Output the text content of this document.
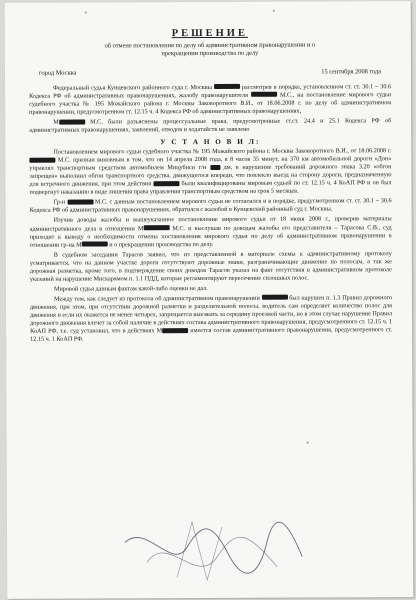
РЕШЕНИЕ
об отмене постановления по делу об административном правонарушении и о
прекращении производства по делу
город Москва	15 сентября 2008 года

Федеральный судья Кунцевского районного суда г. Москвы	рассмотрев в порядке, установленном ст. ст. 30.1 – 30.6 Кодекса РФ об административных правонарушениях, жалобу правонарушителя	М.С., на постановление мирового судьи судебного участка № 195 Можайского района г. Москвы Заковоротного В.И., от 18.06.2008 г. по делу об административном правонарушении, предусмотренном ст. 12.15 ч. 4 Кодекса РФ об административных правонарушениях,

М	М.С. были разъяснены процессуальные права, предусмотренные ст.ст. 24.4 и 25.1 Кодекса РФ об административных правонарушениях, заявлений, отводов и ходатайств не заявлено

У С Т А Н О В И Л:

Постановлением мирового судьи судебного участка № 195 Можайского района г. Москвы Заковоротного В.И., от 18.06.2008 г.  М.С. признан виновным в том, что он 14 апреля 2008 года, в 8 часов 35 минут, на 370 км автомобильной дороги «Дон» управлял транспортным средством автомобилем Мицубиси г/н	дм, в нарушение требований дорожного знака 3.20 «обгон запрещен» выполнил обгон транспортного средства, движущегося впереди, что повлекло выезд на сторону дороги, предназначенную для встречного движения, при этом действия	были квалифицированы мировым судьей по ст. 12.15 ч. 4 КоАП РФ и он был подвергнут наказанию в виде лишения права управления транспортным средством на срок 5 месяцев.

Гр-н	М.С. с данным постановлением мирового судьи не согласился и в порядке, предусмотренном ст. ст. 30.1 – 30.6 Кодекса РФ об административных правонарушениях, обратился с жалобой в Кунцевский районный суд г. Москвы.

Изучив доводы жалобы и вышеуказанное постановление мирового судьи от 18 июня 2008 г., проверив материалы административного дела в отношении М	М.С. и выслушав по доводам жалобы его представителя – Тарасова С.В., суд приходит к выводу о необходимости отмены постановления мирового судьи по делу об административном правонарушении в отношении гр-на М	и о прекращении производства по делу.

В судебном заседании Тарасов заявил, что из представленной в материале схемы к административному протоколу усматривается, что на данном участке дороги отсутствуют дорожные знаки, разграничивающие движение по полосам, а так же дорожная разметка, кроме того, в подтверждение своих доводов Тарасов указал на факт отсутствия в административном протоколе указаний на нарушение Мискарямом п. 1.1 ПДД, которые регламентируют пересечение сплошных полос.

Мировой судья данным фактам какой-либо оценки не дал.

Между тем, как следует из протокола об административном правонарушении	был нарушен п. 1.3 Правил дорожного движения, при этом, при отсутствии дорожной разметки и разделительной полосы, водитель сам определяет количество полос для движения и если их окажется не менее четырех, запрещается выезжать за середину проезжей части, но в этом случае нарушение Правил дорожного движения влечет за собой наличие в действиях состава административного правонарушения, предусмотренного ст. 12.15 ч. 1 КоАП РФ, т.е. суд установил, что в действиях М	имеется состав административного правонарушения, предусмотренного ст. 12.15 ч. 1 КоАП РФ.
